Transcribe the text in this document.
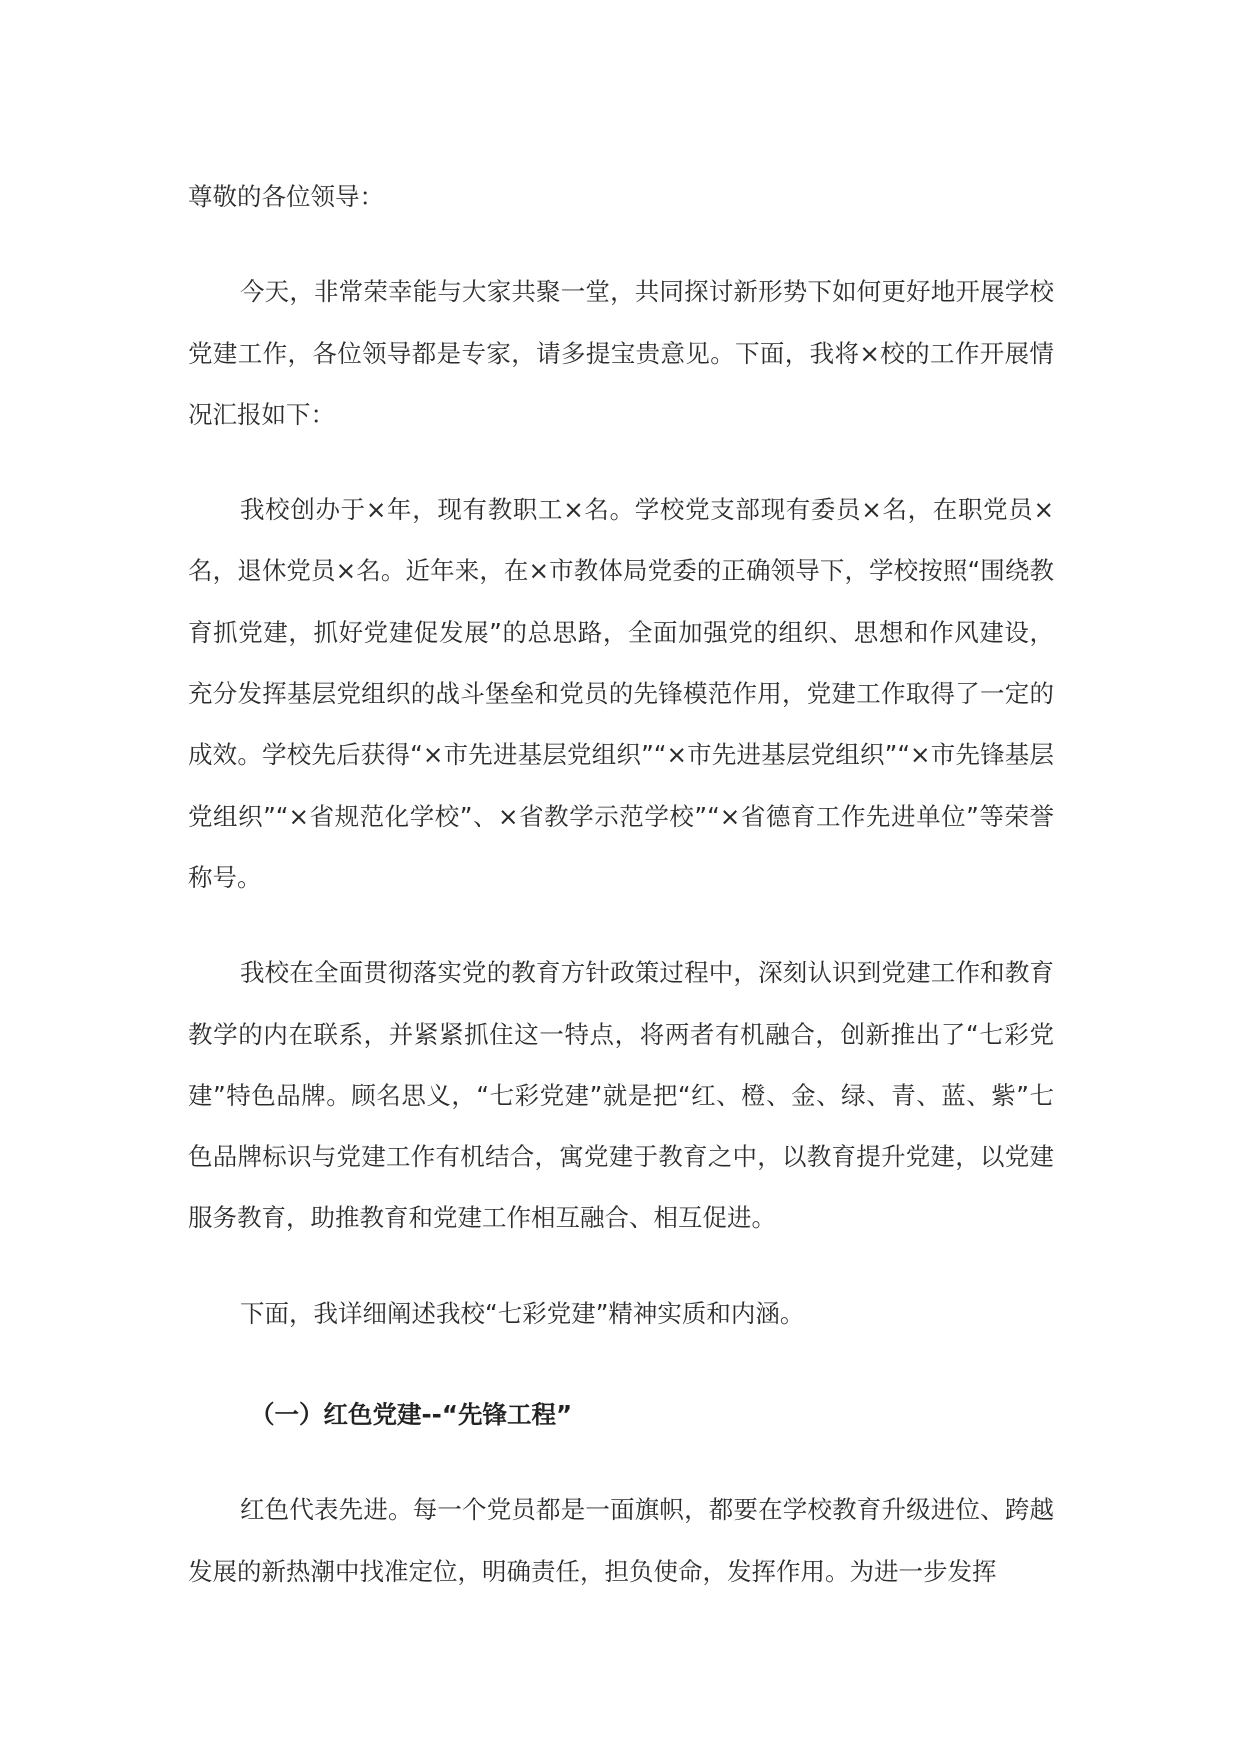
尊敬的各位领导：

今天，非常荣幸能与大家共聚一堂，共同探讨新形势下如何更好地开展学校党建工作，各位领导都是专家，请多提宝贵意见。下面，我将×校的工作开展情况汇报如下：

我校创办于×年，现有教职工×名。学校党支部现有委员×名，在职党员×名，退休党员×名。近年来，在×市教体局党委的正确领导下，学校按照“围绕教育抓党建，抓好党建促发展”的总思路，全面加强党的组织、思想和作风建设，充分发挥基层党组织的战斗堡垒和党员的先锋模范作用，党建工作取得了一定的成效。学校先后获得“×市先进基层党组织”“×市先进基层党组织”“×市先锋基层党组织”“×省规范化学校”、×省教学示范学校”“×省德育工作先进单位”等荣誉称号。

我校在全面贯彻落实党的教育方针政策过程中，深刻认识到党建工作和教育教学的内在联系，并紧紧抓住这一特点，将两者有机融合，创新推出了“七彩党建”特色品牌。顾名思义，“七彩党建”就是把“红、橙、金、绿、青、蓝、紫”七色品牌标识与党建工作有机结合，寓党建于教育之中，以教育提升党建，以党建服务教育，助推教育和党建工作相互融合、相互促进。

下面，我详细阐述我校“七彩党建”精神实质和内涵。

（一）红色党建--“先锋工程”

红色代表先进。每一个党员都是一面旗帜，都要在学校教育升级进位、跨越发展的新热潮中找准定位，明确责任，担负使命，发挥作用。为进一步发挥
